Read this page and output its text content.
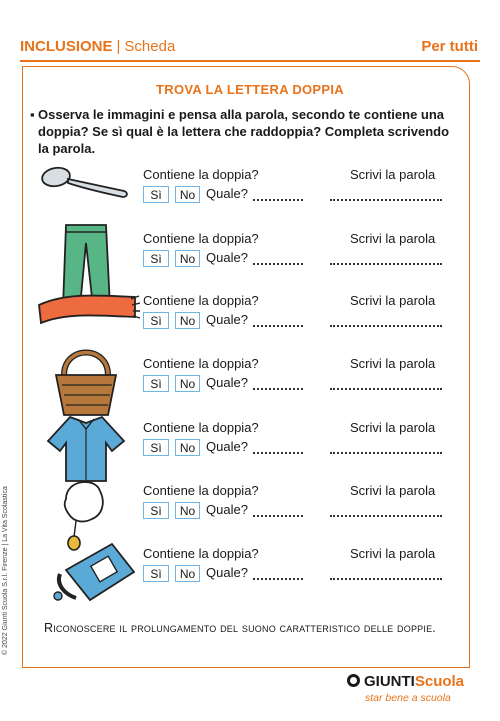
INCLUSIONE | Scheda	Per tutti
TROVA LA LETTERA DOPPIA
▪ Osserva le immagini e pensa alla parola, secondo te contiene una doppia? Se sì qual è la lettera che raddoppia? Completa scrivendo la parola.
Contiene la doppia?	Scrivi la parola
Sì	No Quale?
Contiene la doppia?	Scrivi la parola
Sì	No Quale?
Contiene la doppia?	Scrivi la parola
Sì	No Quale?
Contiene la doppia?	Scrivi la parola
Sì	No Quale?
Contiene la doppia?	Scrivi la parola
Sì	No Quale?
Contiene la doppia?	Scrivi la parola
Sì	No Quale?
Contiene la doppia?	Scrivi la parola
Sì	No Quale?
Riconoscere il prolungamento del suono caratteristico delle doppie.
© 2022 Giunti Scuola S.r.l. Firenze | La Vita Scolastica
GIUNTIScuola
star bene a scuola
